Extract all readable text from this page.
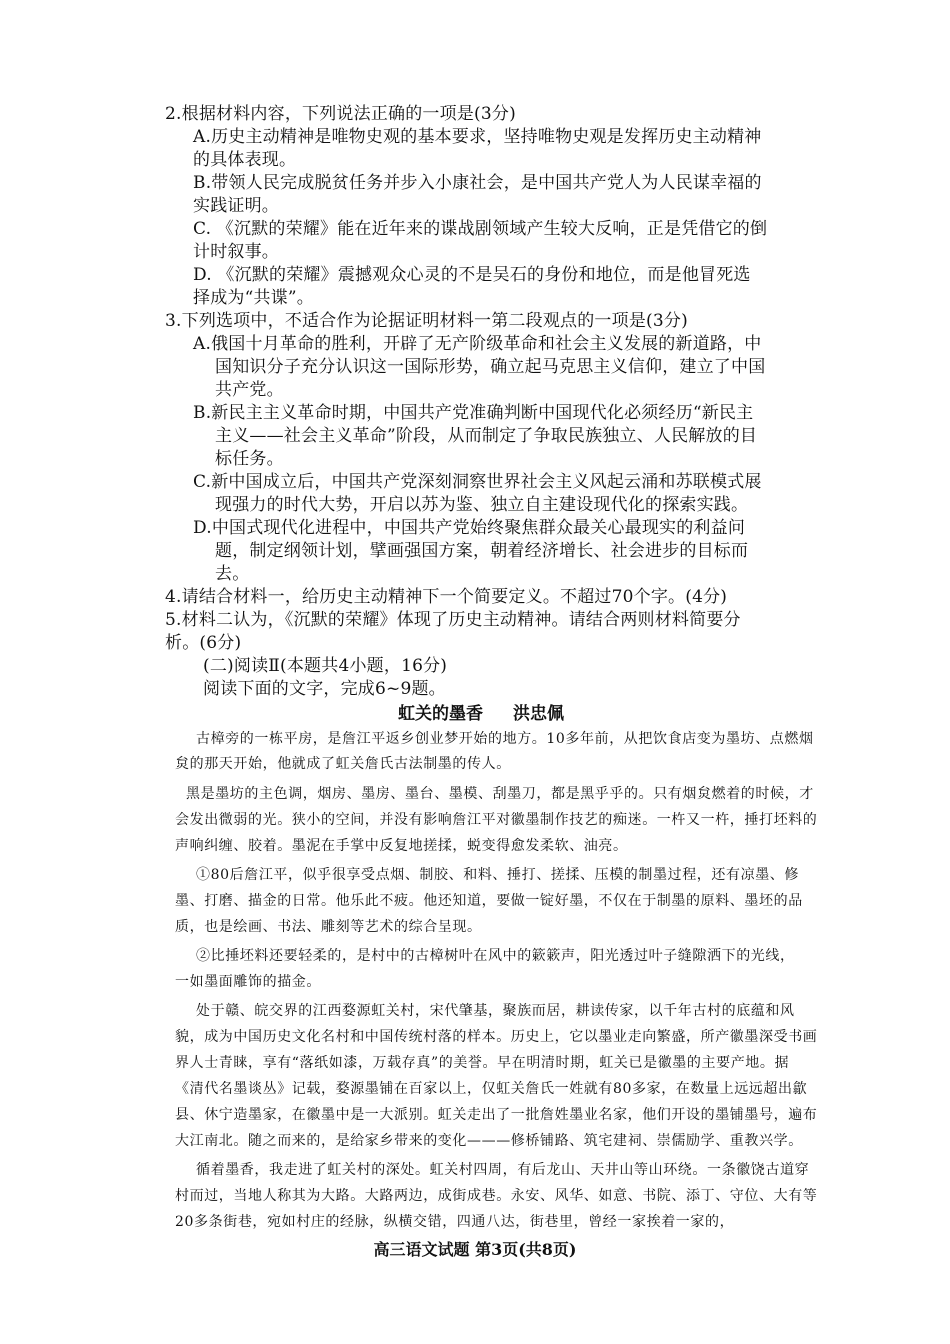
2.根据材料内容，下列说法正确的一项是(3分)
A.历史主动精神是唯物史观的基本要求，坚持唯物史观是发挥历史主动精神
的具体表现。
B.带领人民完成脱贫任务并步入小康社会，是中国共产党人为人民谋幸福的
实践证明。
C. 《沉默的荣耀》能在近年来的谍战剧领域产生较大反响，正是凭借它的倒
计时叙事。
D. 《沉默的荣耀》震撼观众心灵的不是吴石的身份和地位，而是他冒死选
择成为“共谍”。
3.下列选项中，不适合作为论据证明材料一第二段观点的一项是(3分)
A.俄国十月革命的胜利，开辟了无产阶级革命和社会主义发展的新道路，中
国知识分子充分认识这一国际形势，确立起马克思主义信仰，建立了中国
共产党。
B.新民主主义革命时期，中国共产党准确判断中国现代化必须经历“新民主
主义——社会主义革命”阶段，从而制定了争取民族独立、人民解放的目
标任务。
C.新中国成立后，中国共产党深刻洞察世界社会主义风起云涌和苏联模式展
现强力的时代大势，开启以苏为鉴、独立自主建设现代化的探索实践。
D.中国式现代化进程中，中国共产党始终聚焦群众最关心最现实的利益问
题，制定纲领计划，擘画强国方案，朝着经济增长、社会进步的目标而
去。
4.请结合材料一，给历史主动精神下一个简要定义。不超过70个字。(4分)
5.材料二认为，《沉默的荣耀》体现了历史主动精神。请结合两则材料简要分
析。(6分)
(二)阅读Ⅱ(本题共4小题，16分)
阅读下面的文字，完成6~9题。
虹关的墨香 洪忠佩
古樟旁的一栋平房，是詹江平返乡创业梦开始的地方。10多年前，从把饮食店变为墨坊、点燃烟
炱的那天开始，他就成了虹关詹氏古法制墨的传人。
黑是墨坊的主色调，烟房、墨房、墨台、墨模、刮墨刀，都是黑乎乎的。只有烟炱燃着的时候，才
会发出微弱的光。狭小的空间，并没有影响詹江平对徽墨制作技艺的痴迷。一杵又一杵，捶打坯料的
声响纠缠、胶着。墨泥在手掌中反复地搓揉，蜕变得愈发柔软、油亮。
①80后詹江平，似乎很享受点烟、制胶、和料、捶打、搓揉、压模的制墨过程，还有凉墨、修
墨、打磨、描金的日常。他乐此不疲。他还知道，要做一锭好墨，不仅在于制墨的原料、墨坯的品
质，也是绘画、书法、雕刻等艺术的综合呈现。
②比捶坯料还要轻柔的，是村中的古樟树叶在风中的簌簌声，阳光透过叶子缝隙洒下的光线，
一如墨面雕饰的描金。
处于赣、皖交界的江西婺源虹关村，宋代肇基，聚族而居，耕读传家，以千年古村的底蕴和风
貌，成为中国历史文化名村和中国传统村落的样本。历史上，它以墨业走向繁盛，所产徽墨深受书画
界人士青睐，享有“落纸如漆，万载存真”的美誉。早在明清时期，虹关已是徽墨的主要产地。据
《清代名墨谈丛》记载，婺源墨铺在百家以上，仅虹关詹氏一姓就有80多家，在数量上远远超出歙
县、休宁造墨家，在徽墨中是一大派别。虹关走出了一批詹姓墨业名家，他们开设的墨铺墨号，遍布
大江南北。随之而来的，是给家乡带来的变化———修桥铺路、筑宅建祠、崇儒励学、重教兴学。
循着墨香，我走进了虹关村的深处。虹关村四周，有后龙山、天井山等山环绕。一条徽饶古道穿
村而过，当地人称其为大路。大路两边，成街成巷。永安、风华、如意、书院、添丁、守位、大有等
20多条街巷，宛如村庄的经脉，纵横交错，四通八达，街巷里，曾经一家挨着一家的，
高三语文试题 第3页(共8页)
